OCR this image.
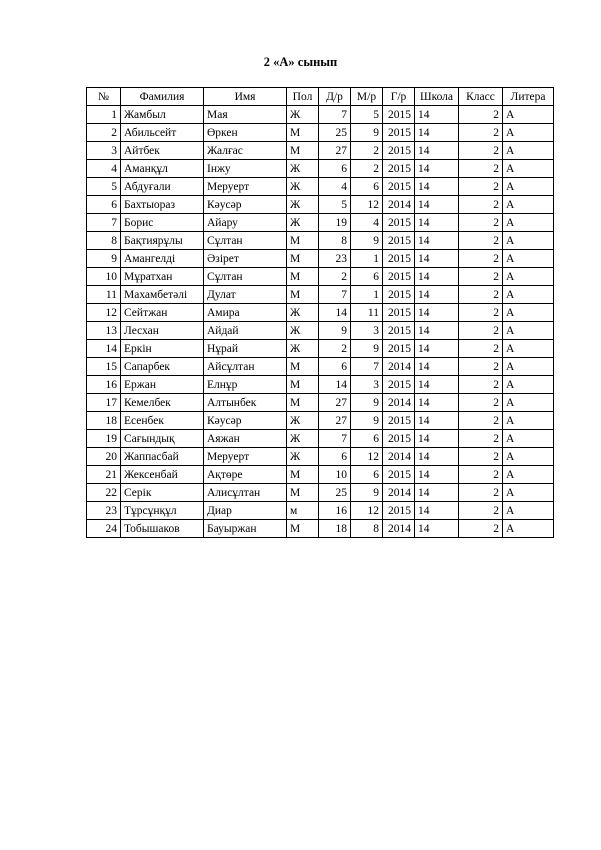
2 «А» сынып
№	Фамилия	Имя	Пол	Д/р	М/р	Г/р	Школа	Класс	Литера
1	Жамбыл	Мая	Ж	7	5	2015	14	2	А
2	Абильсейт	Өркен	М	25	9	2015	14	2	А
3	Айтбек	Жалғас	М	27	2	2015	14	2	А
4	Аманқұл	Інжу	Ж	6	2	2015	14	2	А
5	Абдуғали	Меруерт	Ж	4	6	2015	14	2	А
6	Бахтыораз	Кәусәр	Ж	5	12	2014	14	2	А
7	Борис	Айару	Ж	19	4	2015	14	2	А
8	Бақтиярұлы	Сұлтан	М	8	9	2015	14	2	А
9	Амангелді	Әзірет	М	23	1	2015	14	2	А
10	Мұратхан	Сұлтан	М	2	6	2015	14	2	А
11	Махамбетәлі	Дулат	М	7	1	2015	14	2	А
12	Сейтжан	Амира	Ж	14	11	2015	14	2	А
13	Лесхан	Айдай	Ж	9	3	2015	14	2	А
14	Еркін	Нұрай	Ж	2	9	2015	14	2	А
15	Сапарбек	Айсұлтан	М	6	7	2014	14	2	А
16	Ержан	Елнұр	М	14	3	2015	14	2	А
17	Кемелбек	Алтынбек	М	27	9	2014	14	2	А
18	Есенбек	Кәусәр	Ж	27	9	2015	14	2	А
19	Сағындық	Аяжан	Ж	7	6	2015	14	2	А
20	Жаппасбай	Меруерт	Ж	6	12	2014	14	2	А
21	Жексенбай	Ақтөре	М	10	6	2015	14	2	А
22	Серік	Алисұлтан	М	25	9	2014	14	2	А
23	Тұрсұнқұл	Диар	м	16	12	2015	14	2	А
24	Тобышаков	Бауыржан	М	18	8	2014	14	2	А
